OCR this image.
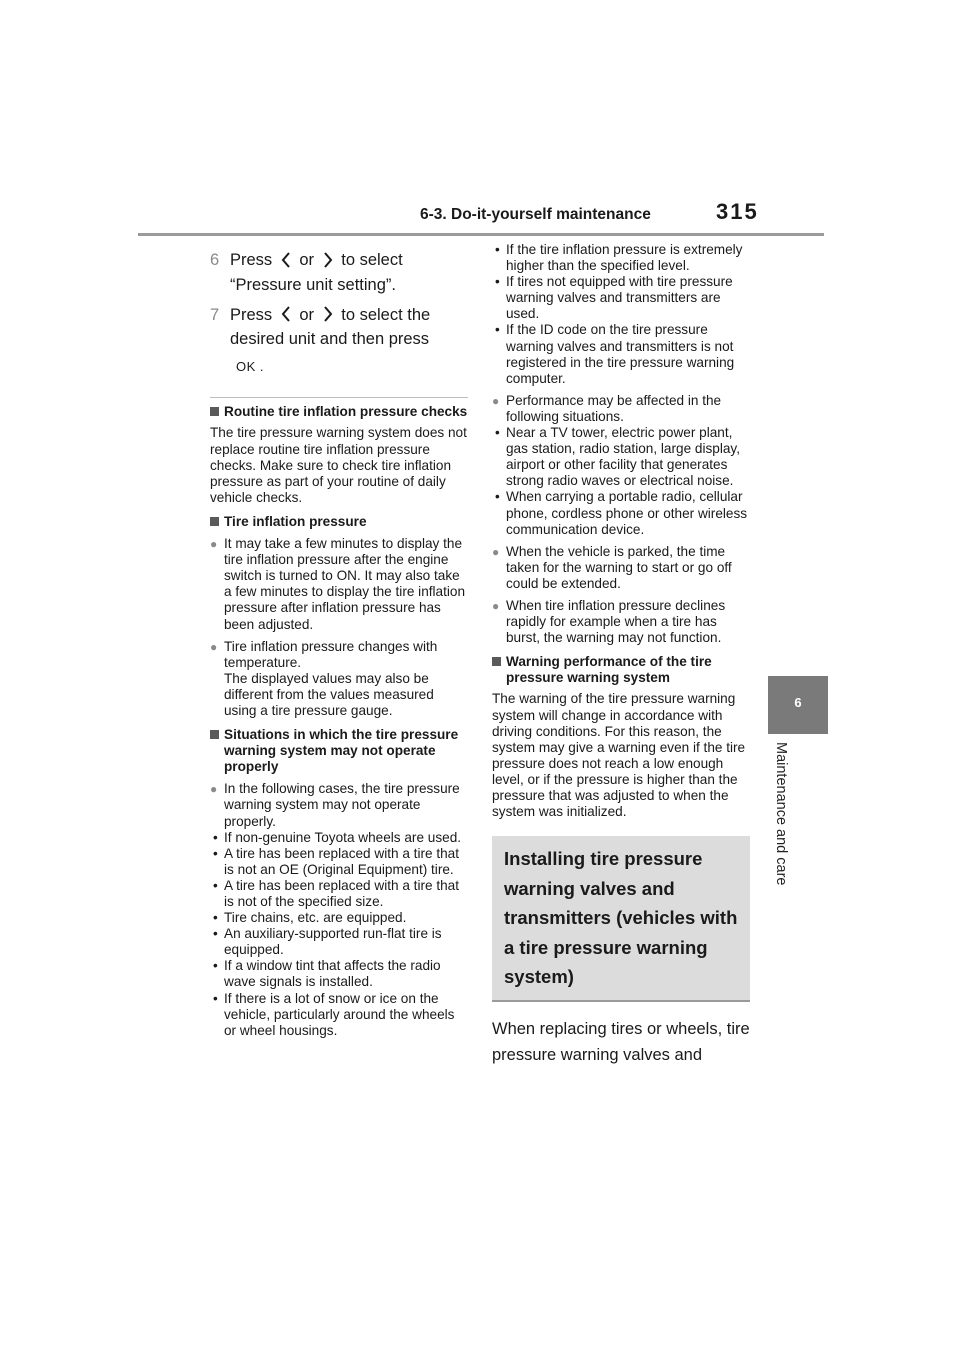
6-3. Do-it-yourself maintenance	315
6
Maintenance and care
6 Press or to select
“Pressure unit setting”.
7 Press or to select the
desired unit and then press
OK .
Routine tire inflation pressure checks
The tire pressure warning system does not replace routine tire inflation pressure checks. Make sure to check tire inflation pressure as part of your routine of daily vehicle checks.
Tire inflation pressure
● It may take a few minutes to display the tire inflation pressure after the engine switch is turned to ON. It may also take a few minutes to display the tire inflation pressure after inflation pressure has been adjusted.
● Tire inflation pressure changes with temperature.
The displayed values may also be different from the values measured using a tire pressure gauge.
Situations in which the tire pressure warning system may not operate properly
● In the following cases, the tire pressure warning system may not operate properly.
• If non-genuine Toyota wheels are used.
• A tire has been replaced with a tire that is not an OE (Original Equipment) tire.
• A tire has been replaced with a tire that is not of the specified size.
• Tire chains, etc. are equipped.
• An auxiliary-supported run-flat tire is equipped.
• If a window tint that affects the radio wave signals is installed.
• If there is a lot of snow or ice on the vehicle, particularly around the wheels or wheel housings.
• If the tire inflation pressure is extremely higher than the specified level.
• If tires not equipped with tire pressure warning valves and transmitters are used.
• If the ID code on the tire pressure warning valves and transmitters is not registered in the tire pressure warning computer.
● Performance may be affected in the following situations.
• Near a TV tower, electric power plant, gas station, radio station, large display, airport or other facility that generates strong radio waves or electrical noise.
• When carrying a portable radio, cellular phone, cordless phone or other wireless communication device.
● When the vehicle is parked, the time taken for the warning to start or go off could be extended.
● When tire inflation pressure declines rapidly for example when a tire has burst, the warning may not function.
Warning performance of the tire pressure warning system
The warning of the tire pressure warning system will change in accordance with driving conditions. For this reason, the system may give a warning even if the tire pressure does not reach a low enough level, or if the pressure is higher than the pressure that was adjusted to when the system was initialized.
Installing tire pressure warning valves and transmitters (vehicles with a tire pressure warning system)
When replacing tires or wheels, tire pressure warning valves and
